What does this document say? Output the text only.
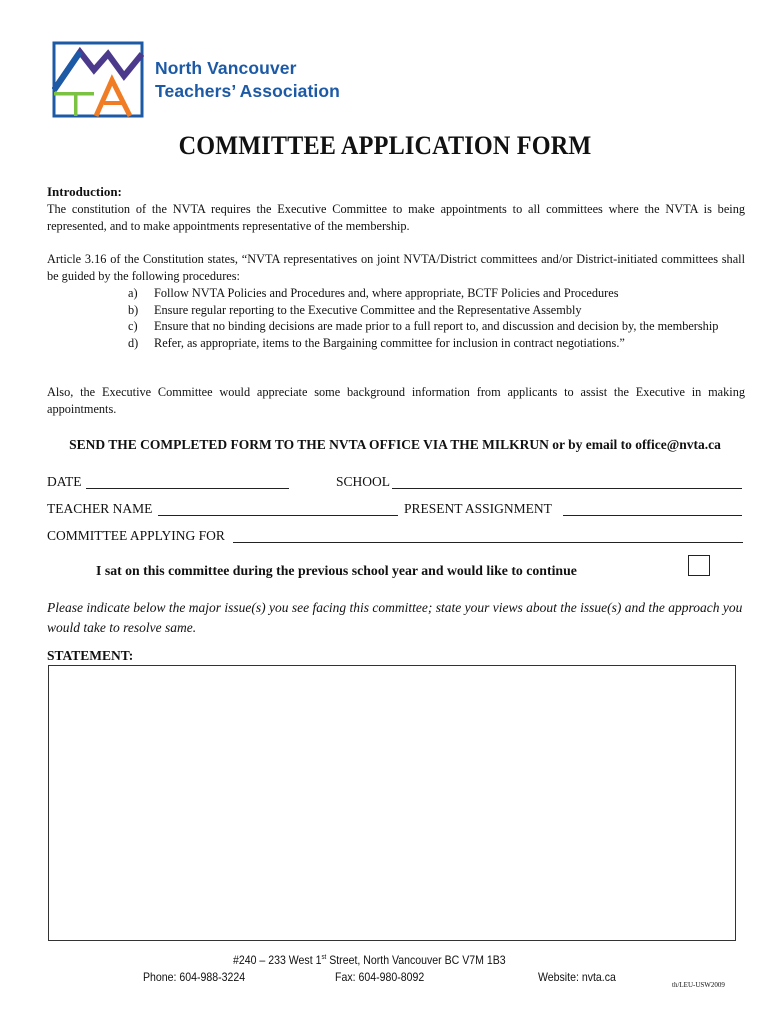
North Vancouver
Teachers’ Association
COMMITTEE APPLICATION FORM
Introduction:
The constitution of the NVTA requires the Executive Committee to make appointments to all committees where the NVTA is being represented, and to make appointments representative of the membership.
Article 3.16 of the Constitution states, “NVTA representatives on joint NVTA/District committees and/or District-initiated committees shall be guided by the following procedures:
a)	Follow NVTA Policies and Procedures and, where appropriate, BCTF Policies and Procedures
b)	Ensure regular reporting to the Executive Committee and the Representative Assembly
c)	Ensure that no binding decisions are made prior to a full report to, and discussion and decision by, the membership
d)	Refer, as appropriate, items to the Bargaining committee for inclusion in contract negotiations.”
Also, the Executive Committee would appreciate some background information from applicants to assist the Executive in making appointments.
SEND THE COMPLETED FORM TO THE NVTA OFFICE VIA THE MILKRUN or by email to office@nvta.ca
DATE	SCHOOL
TEACHER NAME	PRESENT ASSIGNMENT
COMMITTEE APPLYING FOR
I sat on this committee during the previous school year and would like to continue
Please indicate below the major issue(s) you see facing this committee; state your views about the issue(s) and the approach you would take to resolve same.
STATEMENT:
#240 – 233 West 1st Street, North Vancouver BC V7M 1B3
Phone: 604-988-3224	Fax: 604-980-8092	Website: nvta.ca
th/LEU-USW2009
